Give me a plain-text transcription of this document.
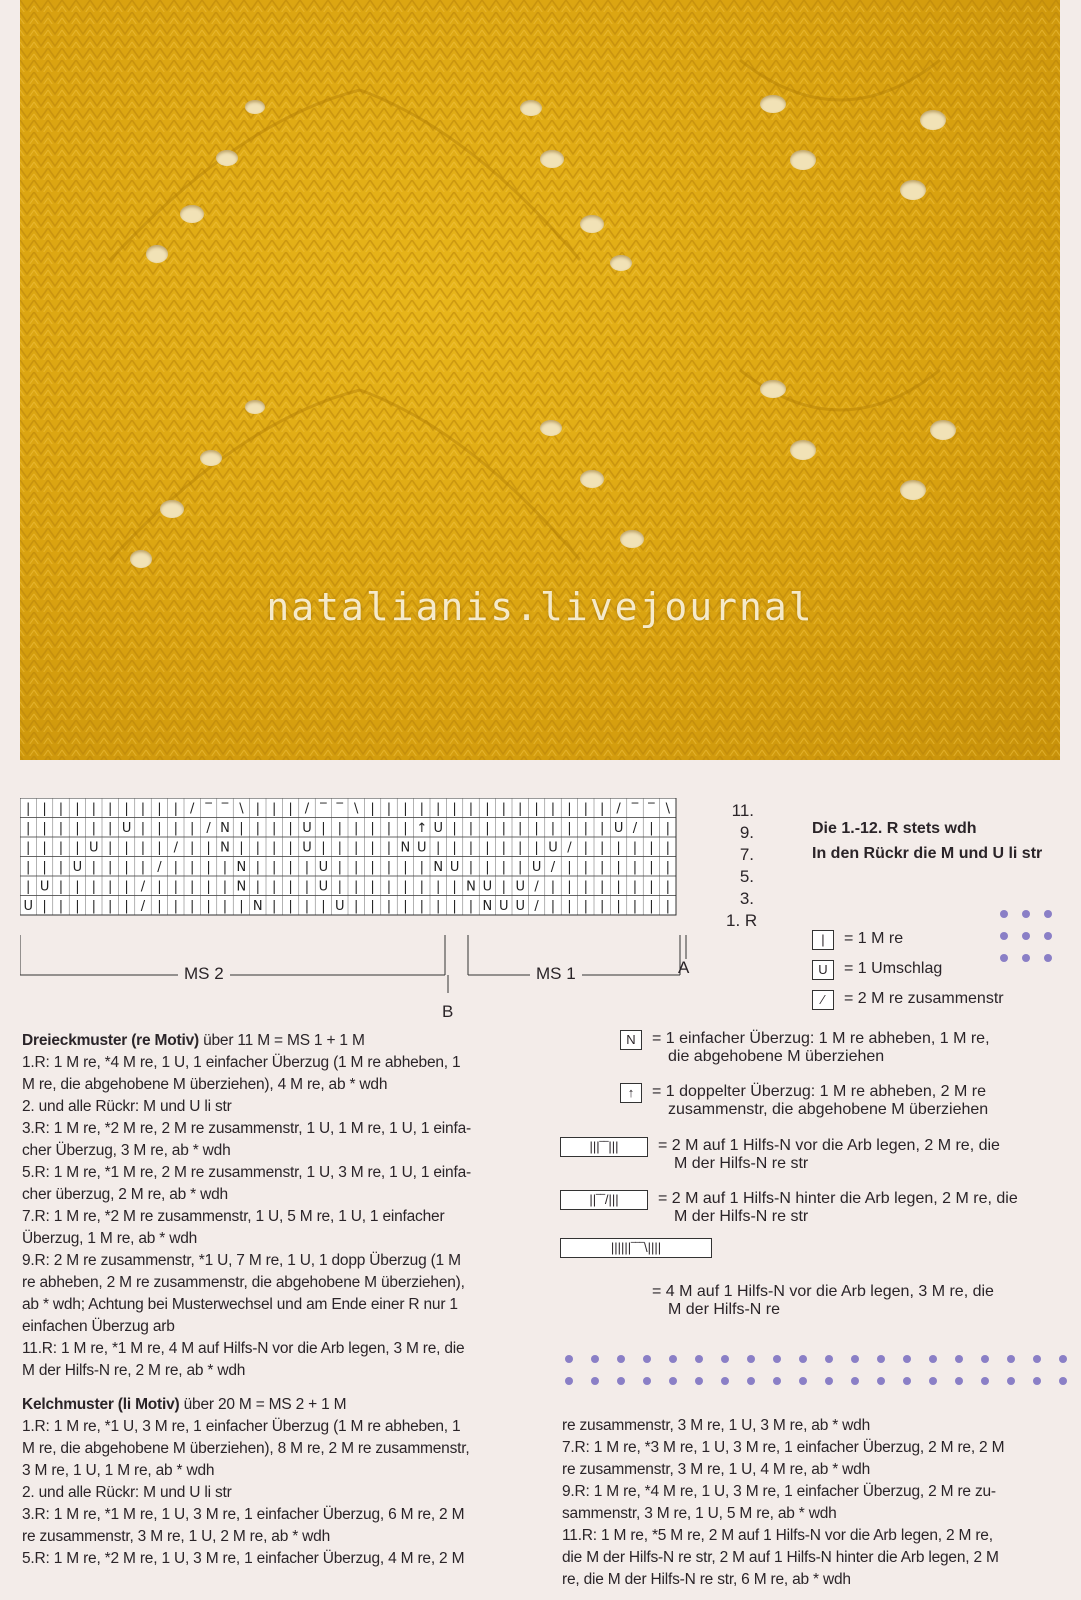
natalianis.livejournal
| | | | | | | | | | / ‾ ‾ \ | | | / ‾ ‾ \ | | | | | | | | | | | | | | | / ‾ ‾ \
| | | | | | U | | | | / N | | | | U | | | | | | ↑ U | | | | | | | | | | U / | |
| | | | U | | | | / | | N | | | | U | | | | | N U | | | | | | | U / | | | | | |
| | | U | | | | / | | | | N | | | | U | | | | | | N U | | | | U / | | | | | | |
| U | | | | | / | | | | | N | | | | U | | | | | | | | N U | U / | | | | | | | |
U | | | | | | / | | | | | | N | | | | U | | | | | | | | N U U / | | | | | | | |
11.
9.
7.
5.
3.
1. R
MS 2	MS 1	A
B
Die 1.-12. R stets wdh
In den Rückr die M und U li str
|	= 1 M re
U	= 1 Umschlag
⁄	= 2 M re zusammenstr
N	= 1 einfacher Überzug: 1 M re abheben, 1 M re,
die abgehobene M überziehen
↑	= 1 doppelter Überzug: 1 M re abheben, 2 M re
zusammenstr, die abgehobene M überziehen
|||‾‾|||	= 2 M auf 1 Hilfs-N vor die Arb legen, 2 M re, die
M der Hilfs-N re str
||‾‾/|||	= 2 M auf 1 Hilfs-N hinter die Arb legen, 2 M re, die
M der Hilfs-N re str
||||||‾‾‾\||||
= 4 M auf 1 Hilfs-N vor die Arb legen, 3 M re, die
M der Hilfs-N re

Dreieckmuster (re Motiv) über 11 M = MS 1 + 1 M

1.R: 1 M re, *4 M re, 1 U, 1 einfacher Überzug (1 M re abheben, 1

M re, die abgehobene M überziehen), 4 M re, ab * wdh

2. und alle Rückr: M und U li str

3.R: 1 M re, *2 M re, 2 M re zusammenstr, 1 U, 1 M re, 1 U, 1 einfa-

cher Überzug, 3 M re, ab * wdh

5.R: 1 M re, *1 M re, 2 M re zusammenstr, 1 U, 3 M re, 1 U, 1 einfa-

cher überzug, 2 M re, ab * wdh

7.R: 1 M re, *2 M re zusammenstr, 1 U, 5 M re, 1 U, 1 einfacher

Überzug, 1 M re, ab * wdh

9.R: 2 M re zusammenstr, *1 U, 7 M re, 1 U, 1 dopp Überzug (1 M

re abheben, 2 M re zusammenstr, die abgehobene M überziehen),

ab * wdh; Achtung bei Musterwechsel und am Ende einer R nur 1

einfachen Überzug arb

11.R: 1 M re, *1 M re, 4 M auf Hilfs-N vor die Arb legen, 3 M re, die

M der Hilfs-N re, 2 M re, ab * wdh

Kelchmuster (li Motiv) über 20 M = MS 2 + 1 M

1.R: 1 M re, *1 U, 3 M re, 1 einfacher Überzug (1 M re abheben, 1

M re, die abgehobene M überziehen), 8 M re, 2 M re zusammenstr,

3 M re, 1 U, 1 M re, ab * wdh

2. und alle Rückr: M und U li str

3.R: 1 M re, *1 M re, 1 U, 3 M re, 1 einfacher Überzug, 6 M re, 2 M

re zusammenstr, 3 M re, 1 U, 2 M re, ab * wdh

5.R: 1 M re, *2 M re, 1 U, 3 M re, 1 einfacher Überzug, 4 M re, 2 M

re zusammenstr, 3 M re, 1 U, 3 M re, ab * wdh

7.R: 1 M re, *3 M re, 1 U, 3 M re, 1 einfacher Überzug, 2 M re, 2 M

re zusammenstr, 3 M re, 1 U, 4 M re, ab * wdh

9.R: 1 M re, *4 M re, 1 U, 3 M re, 1 einfacher Überzug, 2 M re zu-

sammenstr, 3 M re, 1 U, 5 M re, ab * wdh

11.R: 1 M re, *5 M re, 2 M auf 1 Hilfs-N vor die Arb legen, 2 M re,

die M der Hilfs-N re str, 2 M auf 1 Hilfs-N hinter die Arb legen, 2 M

re, die M der Hilfs-N re str, 6 M re, ab * wdh
